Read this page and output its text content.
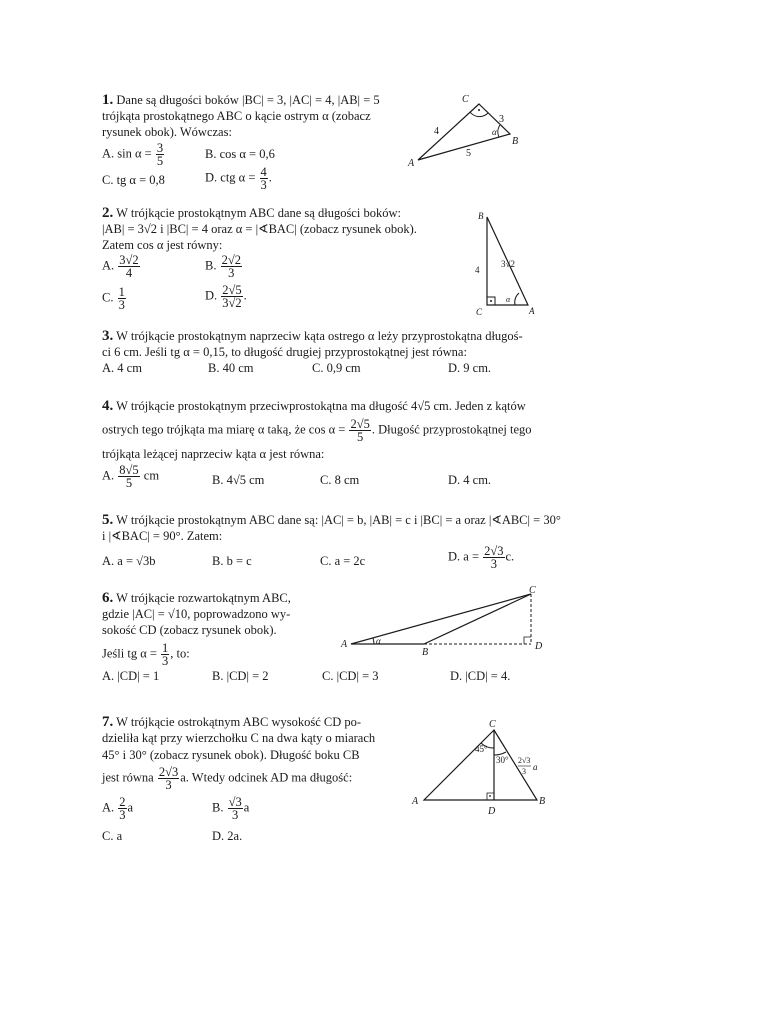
1. Dane są długości boków |BC| = 3, |AC| = 4, |AB| = 5
trójkąta prostokątnego ABC o kącie ostrym α (zobacz
rysunek obok). Wówczas:
A. $\sin \alpha = \frac{3}{5}$	B. cos α = 0,6
C. tg α = 0,8	D. ctg $\alpha = \frac{4}{3}$ .
C
B
A
4
3
5
α
2. W trójkącie prostokątnym ABC dane są długości boków:
|AB| = 3√2 i |BC| = 4 oraz α = |∢BAC| (zobacz rysunek obok).
Zatem cos α jest równy:
A. $\frac{3√2}{4}$	B. $\frac{2√2}{3}$
C. $\frac{1}{3}$	D. $\frac{2√5}{3√2}$ .
B
C	A
4
3√2
α
3. W trójkącie prostokątnym naprzeciw kąta ostrego α leży przyprostokątna długoś-
ci 6 cm. Jeśli tg α = 0,15, to długość drugiej przyprostokątnej jest równa:
A. 4 cm	B. 40 cm	C. 0,9 cm	D. 9 cm.
4. W trójkącie prostokątnym przeciwprostokątna ma długość 4√5 cm. Jeden z kątów
ostrych tego trójkąta ma miarę α taką, że $\cos \alpha = \frac{2√5}{5}$ . Długość przyprostokątnej tego
trójkąta leżącej naprzeciw kąta α jest równa:
A. $\frac{8√5}{5}$ cm	B. 4√5 cm	C. 8 cm	D. 4 cm.
5. W trójkącie prostokątnym ABC dane są: |AC| = b, |AB| = c i |BC| = a oraz |∢ABC| = 30°
i |∢BAC| = 90°. Zatem:
A. a = √3b	B. b = c	C. a = 2c	D. $a = \frac{2√3}{3} c$.
6. W trójkącie rozwartokątnym ABC,
gdzie |AC| = √10, poprowadzono wy-
sokość CD (zobacz rysunek obok).
Jeśli tg $\alpha = \frac{1}{3}$ , to:
A. |CD| = 1	B. |CD| = 2	C. |CD| = 3	D. |CD| = 4.
A
B
C
D
α
7. W trójkącie ostrokątnym ABC wysokość CD po-
dzieliła kąt przy wierzchołku C na dwa kąty o miarach
45° i 30° (zobacz rysunek obok). Długość boku CB
jest równa $\frac{2√3}{3} a$. Wtedy odcinek AD ma długość:
A. $\frac{2}{3}$ a	B. $\frac{√3}{3}$ a
C. a	D. 2a.
C
A	B
D
45°
30° 2√3
3 a
